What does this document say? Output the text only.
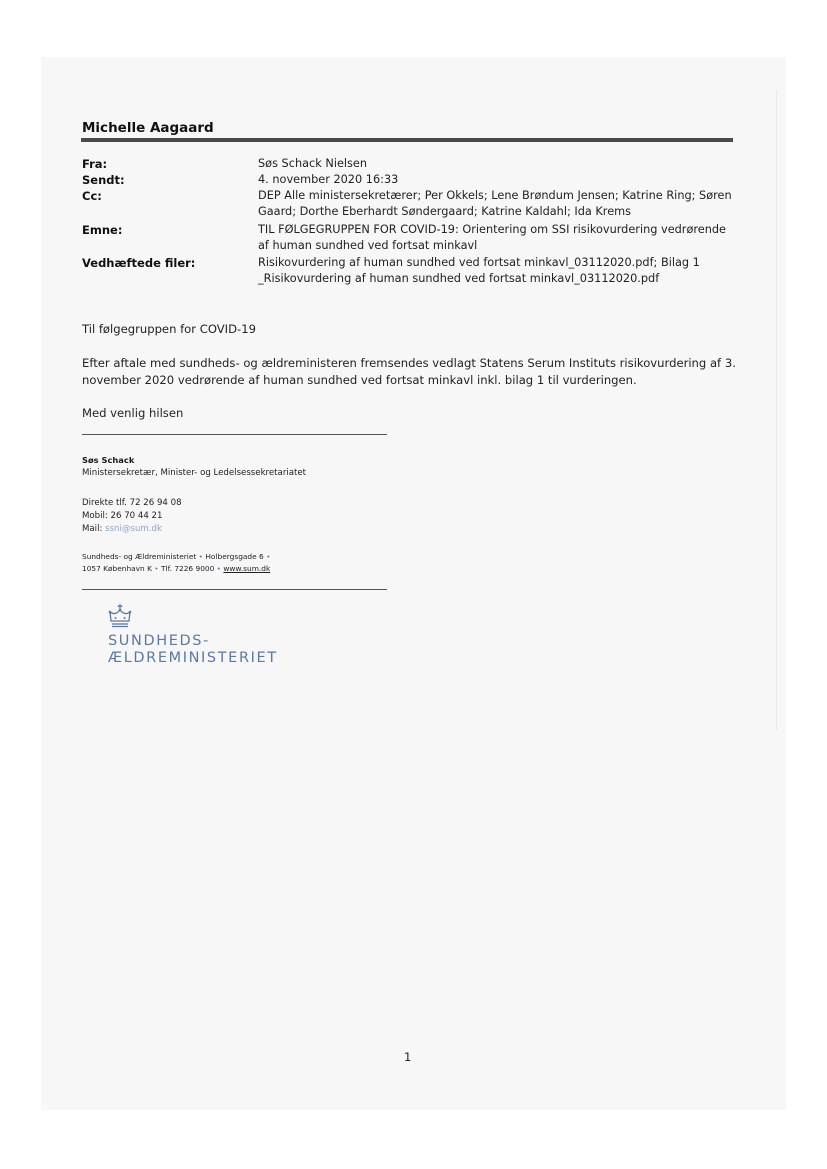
Michelle Aagaard
Fra:	Søs Schack Nielsen
Sendt:	4. november 2020 16:33
Cc:	DEP Alle ministersekretærer; Per Okkels; Lene Brøndum Jensen; Katrine Ring; Søren
Gaard; Dorthe Eberhardt Søndergaard; Katrine Kaldahl; Ida Krems
Emne:	TIL FØLGEGRUPPEN FOR COVID-19: Orientering om SSI risikovurdering vedrørende
af human sundhed ved fortsat minkavl
Vedhæftede filer:	Risikovurdering af human sundhed ved fortsat minkavl_03112020.pdf; Bilag 1
_Risikovurdering af human sundhed ved fortsat minkavl_03112020.pdf
Til følgegruppen for COVID-19
Efter aftale med sundheds- og ældreministeren fremsendes vedlagt Statens Serum Instituts risikovurdering af 3.
november 2020 vedrørende af human sundhed ved fortsat minkavl inkl. bilag 1 til vurderingen.
Med venlig hilsen
Søs Schack
Ministersekretær, Minister- og Ledelsessekretariatet
Direkte tlf. 72 26 94 08
Mobil: 26 70 44 21
Mail: ssni@sum.dk
Sundheds- og Ældreministeriet • Holbergsgade 6 •
1057 København K • Tlf. 7226 9000 • www.sum.dk
SUNDHEDS-
ÆLDREMINISTERIET
1
